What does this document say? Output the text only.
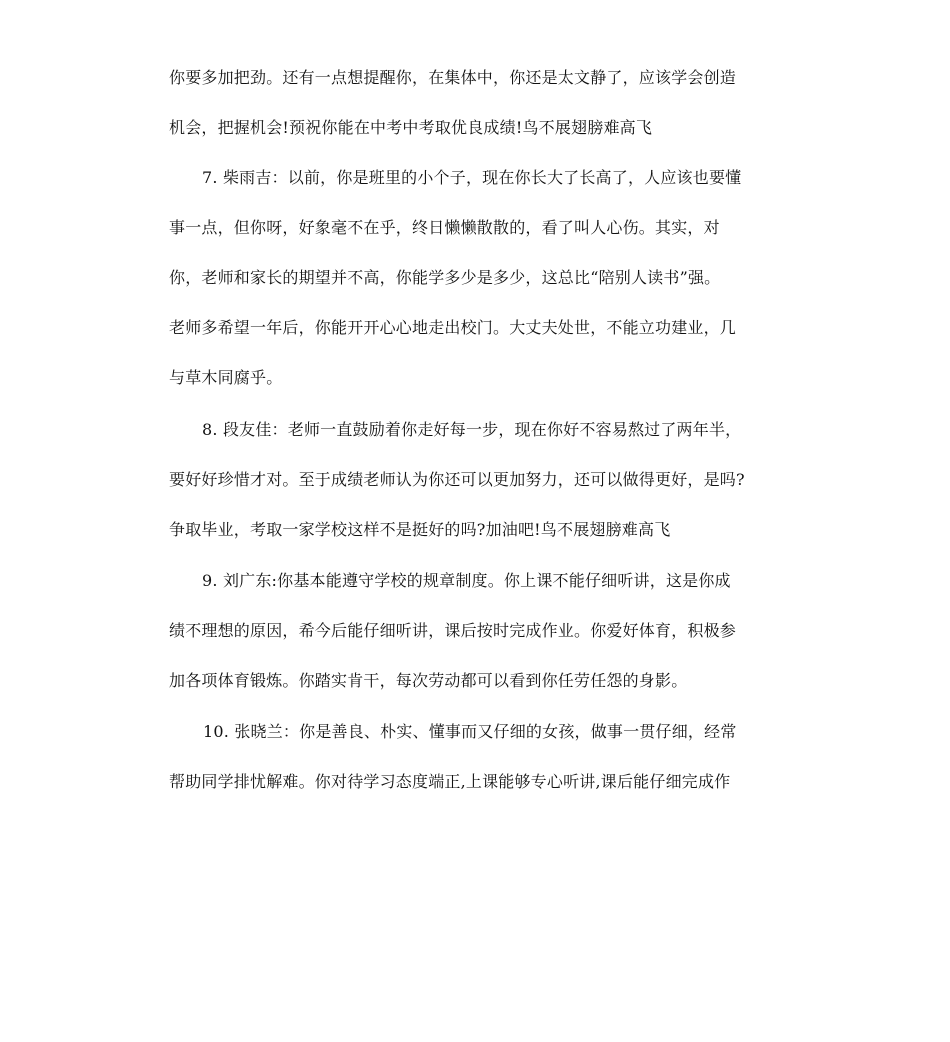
你要多加把劲。还有一点想提醒你，在集体中，你还是太文静了，应该学会创造
机会，把握机会!预祝你能在中考中考取优良成绩!鸟不展翅膀难高飞
7. 柴雨吉：以前，你是班里的小个子，现在你长大了长高了，人应该也要懂
事一点，但你呀，好象毫不在乎，终日懒懒散散的，看了叫人心伤。其实，对
你，老师和家长的期望并不高，你能学多少是多少，这总比“陪别人读书”强。
老师多希望一年后，你能开开心心地走出校门。大丈夫处世，不能立功建业，几
与草木同腐乎。
8. 段友佳：老师一直鼓励着你走好每一步，现在你好不容易熬过了两年半，
要好好珍惜才对。至于成绩老师认为你还可以更加努力，还可以做得更好，是吗?
争取毕业，考取一家学校这样不是挺好的吗?加油吧!鸟不展翅膀难高飞
9. 刘广东:你基本能遵守学校的规章制度。你上课不能仔细听讲，这是你成
绩不理想的原因，希今后能仔细听讲，课后按时完成作业。你爱好体育，积极参
加各项体育锻炼。你踏实肯干，每次劳动都可以看到你任劳任怨的身影。
10. 张晓兰：你是善良、朴实、懂事而又仔细的女孩，做事一贯仔细，经常
帮助同学排忧解难。你对待学习态度端正,上课能够专心听讲,课后能仔细完成作
